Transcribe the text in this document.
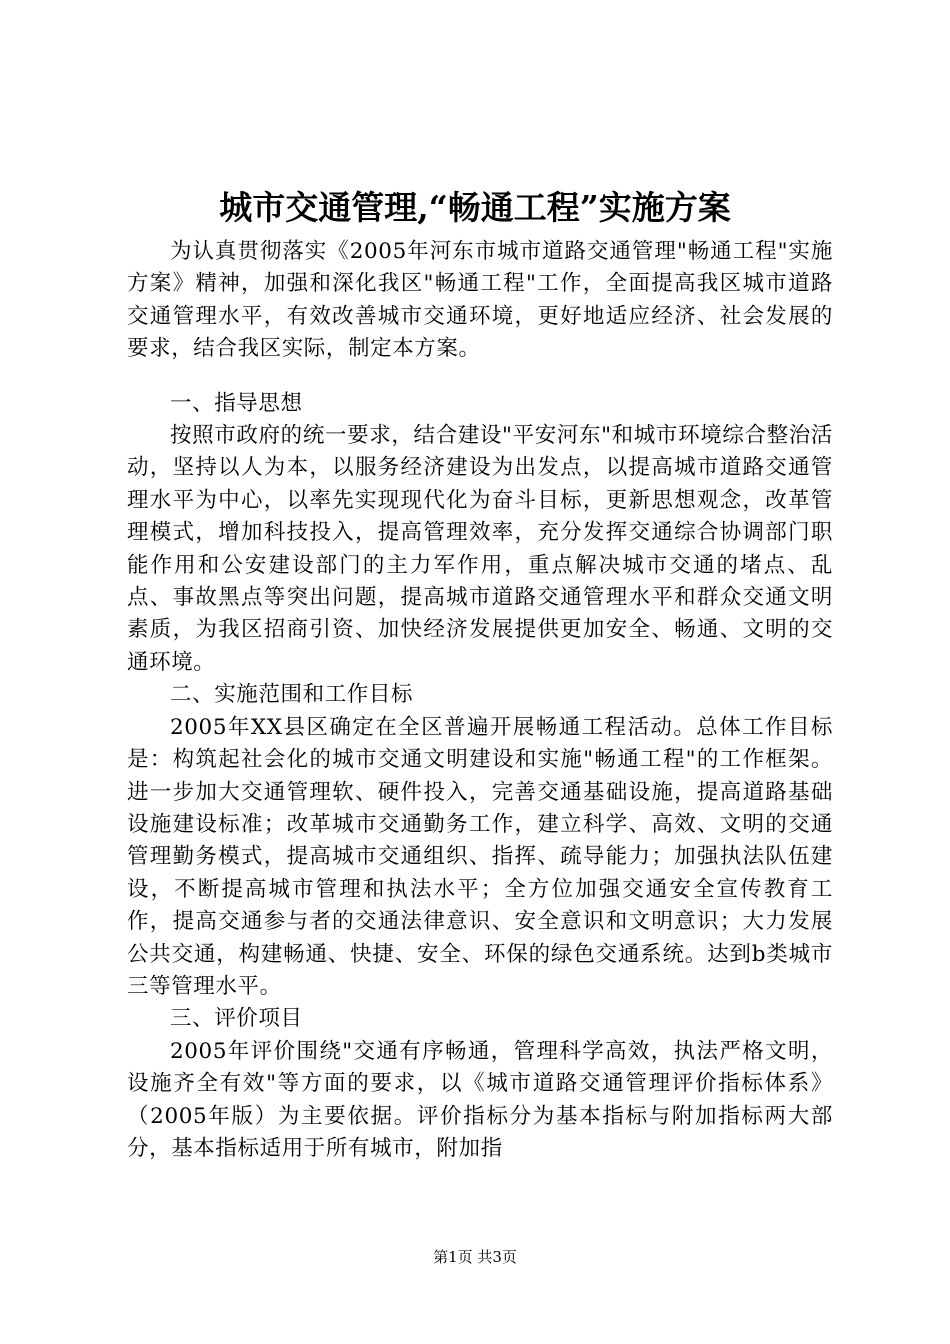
城市交通管理,“畅通工程”实施方案

为认真贯彻落实《2005年河东市城市道路交通管理"畅通工程"实施方案》精神，加强和深化我区"畅通工程"工作，全面提高我区城市道路交通管理水平，有效改善城市交通环境，更好地适应经济、社会发展的要求，结合我区实际，制定本方案。

一、指导思想

按照市政府的统一要求，结合建设"平安河东"和城市环境综合整治活动，坚持以人为本，以服务经济建设为出发点，以提高城市道路交通管理水平为中心，以率先实现现代化为奋斗目标，更新思想观念，改革管理模式，增加科技投入，提高管理效率，充分发挥交通综合协调部门职能作用和公安建设部门的主力军作用，重点解决城市交通的堵点、乱点、事故黑点等突出问题，提高城市道路交通管理水平和群众交通文明素质，为我区招商引资、加快经济发展提供更加安全、畅通、文明的交通环境。

二、实施范围和工作目标

2005年XX县区确定在全区普遍开展畅通工程活动。总体工作目标是：构筑起社会化的城市交通文明建设和实施"畅通工程"的工作框架。进一步加大交通管理软、硬件投入，完善交通基础设施，提高道路基础设施建设标准；改革城市交通勤务工作，建立科学、高效、文明的交通管理勤务模式，提高城市交通组织、指挥、疏导能力；加强执法队伍建设，不断提高城市管理和执法水平；全方位加强交通安全宣传教育工作，提高交通参与者的交通法律意识、安全意识和文明意识；大力发展公共交通，构建畅通、快捷、安全、环保的绿色交通系统。达到b类城市三等管理水平。

三、评价项目

2005年评价围绕"交通有序畅通，管理科学高效，执法严格文明，设施齐全有效"等方面的要求，以《城市道路交通管理评价指标体系》（2005年版）为主要依据。评价指标分为基本指标与附加指标两大部分，基本指标适用于所有城市，附加指

第1页 共3页
